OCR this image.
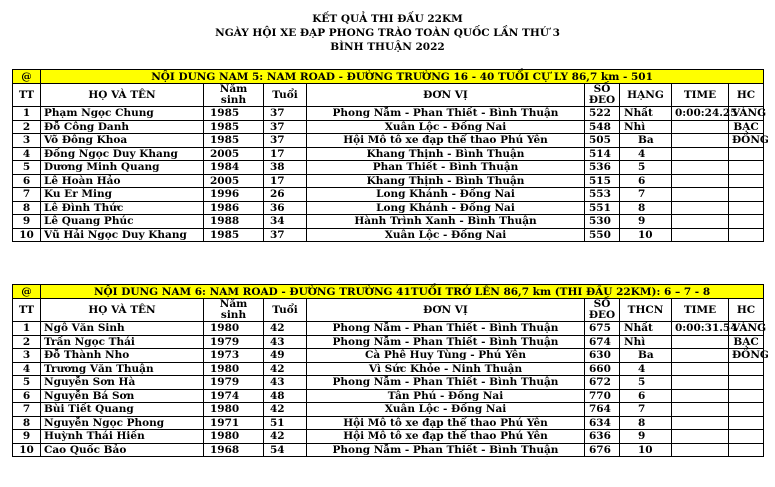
KẾT QUẢ THI ĐẤU 22KM
NGÀY HỘI XE ĐẠP PHONG TRÀO TOÀN QUỐC LẦN THỨ 3
BÌNH THUẬN 2022
@	NỘI DUNG NAM 5: NAM ROAD - ĐƯỜNG TRƯỜNG 16 - 40 TUỔI CỰ LY 86,7 km - 501							
TT	HỌ VÀ TÊN	Năm sinh	Tuổi	ĐƠN VỊ	SỐ ĐEO	HẠNG	TIME	HC
1	Phạm Ngọc Chung	1985	37	Phong Nẫm - Phan Thiết - Bình Thuận	522	Nhất	0:00:24.25	VÀNG
2	Đỗ Công Danh	1985	37	Xuân Lộc - Đồng Nai	548	Nhì		BẠC
3	Võ Đông Khoa	1985	37	Hội Mô tô xe đạp thể thao Phú Yên	505	Ba		ĐỒNG
4	Đồng Ngọc Duy Khang	2005	17	Khang Thịnh - Bình Thuận	514	4		
5	Dương Minh Quang	1984	38	Phan Thiết - Bình Thuận	536	5		
6	Lê Hoàn Hảo	2005	17	Khang Thịnh - Bình Thuận	515	6		
7	Ku Er Ming	1996	26	Long Khánh - Đồng Nai	553	7		
8	Lê Đình Thức	1986	36	Long Khánh - Đồng Nai	551	8		
9	Lê Quang Phúc	1988	34	Hành Trình Xanh - Bình Thuận	530	9		
10	Vũ Hải Ngọc Duy Khang	1985	37	Xuân Lộc - Đồng Nai	550	10		
@	NỘI DUNG NAM 6: NAM ROAD - ĐƯỜNG TRƯỜNG 41TUỔI TRỞ LÊN 86,7 km (THI ĐẤU 22KM): 6 – 7 - 8							
TT	HỌ VÀ TÊN	Năm sinh	Tuổi	ĐƠN VỊ	SỐ ĐEO	THCN	TIME	HC
1	Ngô Văn Sinh	1980	42	Phong Nẫm - Phan Thiết - Bình Thuận	675	Nhất	0:00:31.54	VÀNG
2	Trần Ngọc Thái	1979	43	Phong Nẫm - Phan Thiết - Bình Thuận	674	Nhì		BẠC
3	Đỗ Thành Nho	1973	49	Cà Phê Huy Tùng - Phú Yên	630	Ba		ĐỒNG
4	Trương Văn Thuận	1980	42	Vì Sức Khỏe - Ninh Thuận	660	4		
5	Nguyễn Sơn Hà	1979	43	Phong Nẫm - Phan Thiết - Bình Thuận	672	5		
6	Nguyễn Bá Sơn	1974	48	Tân Phú - Đồng Nai	770	6		
7	Bùi Tiết Quang	1980	42	Xuân Lộc - Đồng Nai	764	7		
8	Nguyễn Ngọc Phong	1971	51	Hội Mô tô xe đạp thể thao Phú Yên	634	8		
9	Huỳnh Thái Hiền	1980	42	Hội Mô tô xe đạp thể thao Phú Yên	636	9		
10	Cao Quốc Bảo	1968	54	Phong Nẫm - Phan Thiết - Bình Thuận	676	10		
